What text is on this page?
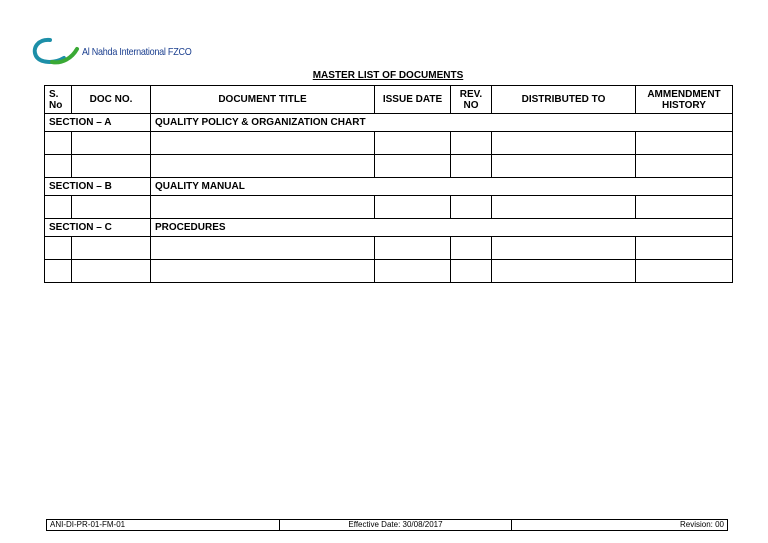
Al Nahda International FZCO
MASTER LIST OF DOCUMENTS
S. No	DOC NO.	DOCUMENT TITLE	ISSUE DATE	REV. NO	DISTRIBUTED TO	AMMENDMENT HISTORY
SECTION – A		QUALITY POLICY & ORGANIZATION CHART				

SECTION – B		QUALITY MANUAL				

SECTION – C		PROCEDURES				

ANI-DI-PR-01-FM-01	Effective Date: 30/08/2017	Revision: 00
